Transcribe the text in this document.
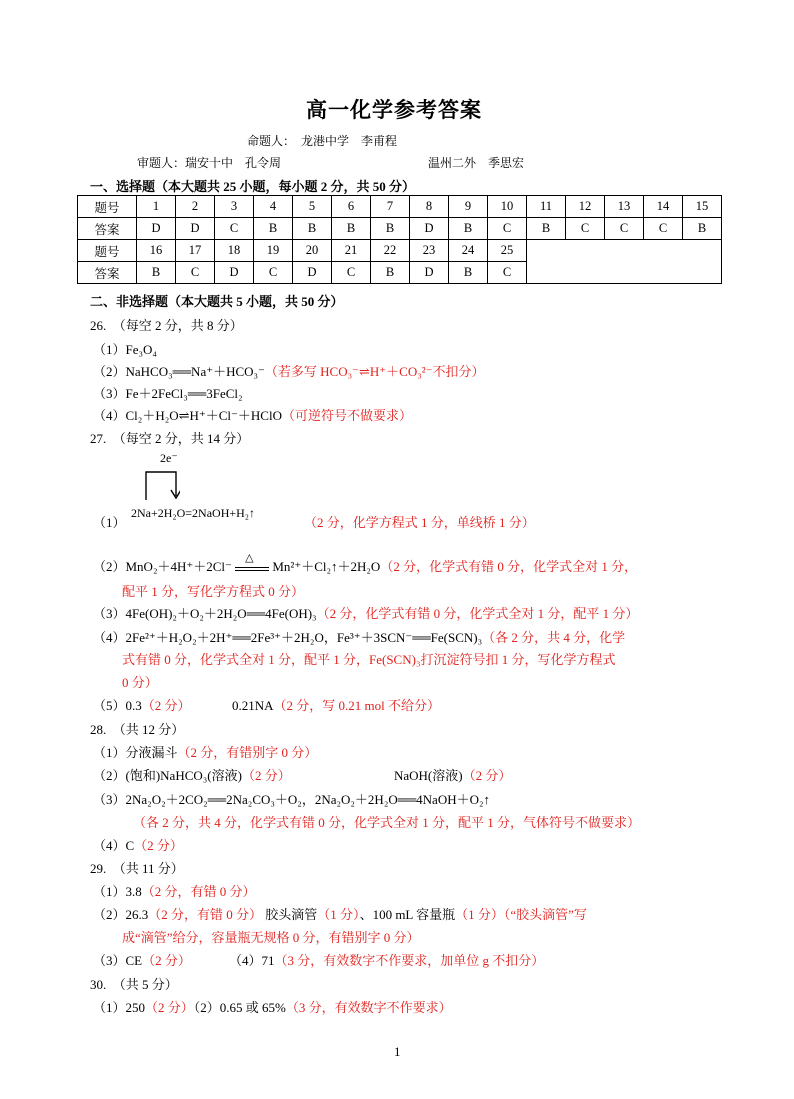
高一化学参考答案
命题人：　龙港中学　李甫程
审题人：瑞安十中　孔令周	温州二外　季思宏
一、选择题（本大题共 25 小题，每小题 2 分，共 50 分）
题号	1	2	3	4	5	6	7	8	9	10	11	12	13	14	15
答案	D	D	C	B	B	B	B	D	B	C	B	C	C	C	B
题号	16	17	18	19	20	21	22	23	24	25					
答案	B	C	D	C	D	C	B	D	B	C					
二、非选择题（本大题共 5 小题，共 50 分）
26.　（每空 2 分，共 8 分）
（1）Fe₃O₄
（2）NaHCO₃══Na⁺＋HCO₃⁻（若多写 HCO₃⁻⇌H⁺＋CO₃²⁻不扣分）
（3）Fe＋2FeCl₃══3FeCl₂
（4）Cl₂＋H₂O⇌H⁺＋Cl⁻＋HClO（可逆符号不做要求）
27.　（每空 2 分，共 14 分）
2e⁻
（1）
2Na+2H₂O=2NaOH+H₂↑
（2 分，化学方程式 1 分，单线桥 1 分）
（2）MnO₂＋4H⁺＋2Cl⁻
△
Mn²⁺＋Cl₂↑＋2H₂O（2 分，化学式有错 0 分，化学式全对 1 分，
配平 1 分，写化学方程式 0 分）
（3）4Fe(OH)₂＋O₂＋2H₂O══4Fe(OH)₃（2 分，化学式有错 0 分，化学式全对 1 分，配平 1 分）
（4）2Fe²⁺＋H₂O₂＋2H⁺══2Fe³⁺＋2H₂O，Fe³⁺＋3SCN⁻══Fe(SCN)₃（各 2 分，共 4 分，化学
式有错 0 分，化学式全对 1 分，配平 1 分，Fe(SCN)₃打沉淀符号扣 1 分，写化学方程式
0 分）
（5）0.3（2 分）	0.21NA（2 分，写 0.21 mol 不给分）
28.　（共 12 分）
（1）分液漏斗（2 分，有错别字 0 分）
（2）(饱和)NaHCO₃(溶液)（2 分）	NaOH(溶液)（2 分）
（3）2Na₂O₂＋2CO₂══2Na₂CO₃＋O₂，2Na₂O₂＋2H₂O══4NaOH＋O₂↑
（各 2 分，共 4 分，化学式有错 0 分，化学式全对 1 分，配平 1 分，气体符号不做要求）
（4）C（2 分）
29.　（共 11 分）
（1）3.8（2 分，有错 0 分）
（2）26.3（2 分，有错 0 分） 胶头滴管（1 分）、100 mL 容量瓶（1 分）（“胶头滴管”写
成“滴管”给分，容量瓶无规格 0 分，有错别字 0 分）
（3）CE（2 分）	（4）71（3 分，有效数字不作要求，加单位 g 不扣分）
30.　（共 5 分）
（1）250（2 分）（2）0.65 或 65%（3 分，有效数字不作要求）
1
